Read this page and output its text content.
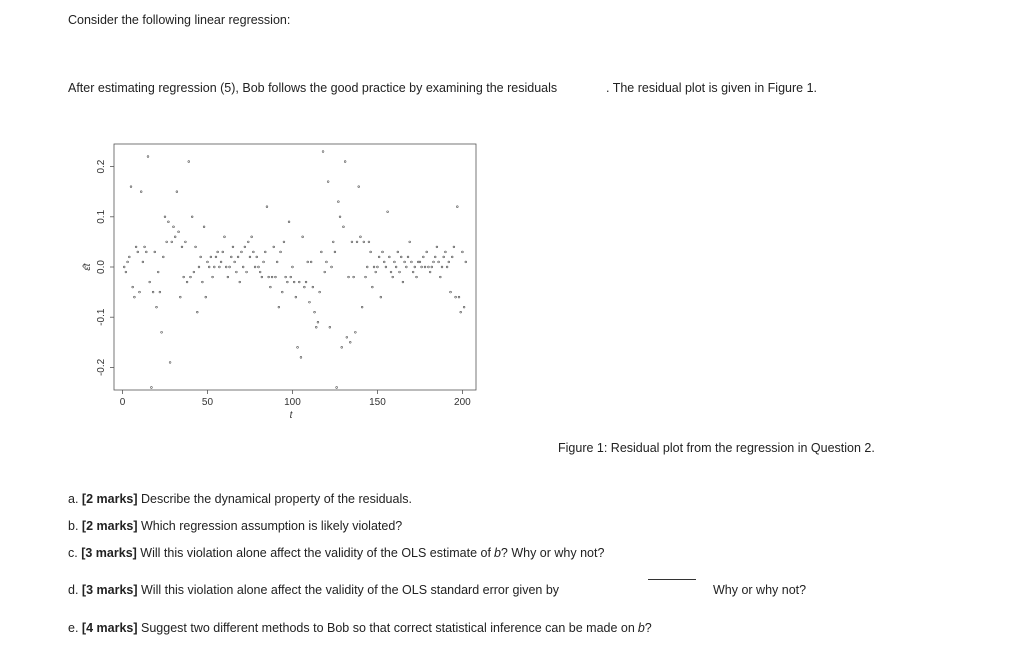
Consider the following linear regression:
After estimating regression (5), Bob follows the good practice by examining the residuals	. The residual plot is given in Figure 1.
0	50	100	150	200
-0.2
-0.1
0.0
0.1
0.2
t
ε̂t
Figure 1: Residual plot from the regression in Question 2.
a. [2 marks] Describe the dynamical property of the residuals.
b. [2 marks] Which regression assumption is likely violated?
c. [3 marks] Will this violation alone affect the validity of the OLS estimate of b? Why or why not?
d. [3 marks] Will this violation alone affect the validity of the OLS standard error given by	Why or why not?
e. [4 marks] Suggest two different methods to Bob so that correct statistical inference can be made on b?
